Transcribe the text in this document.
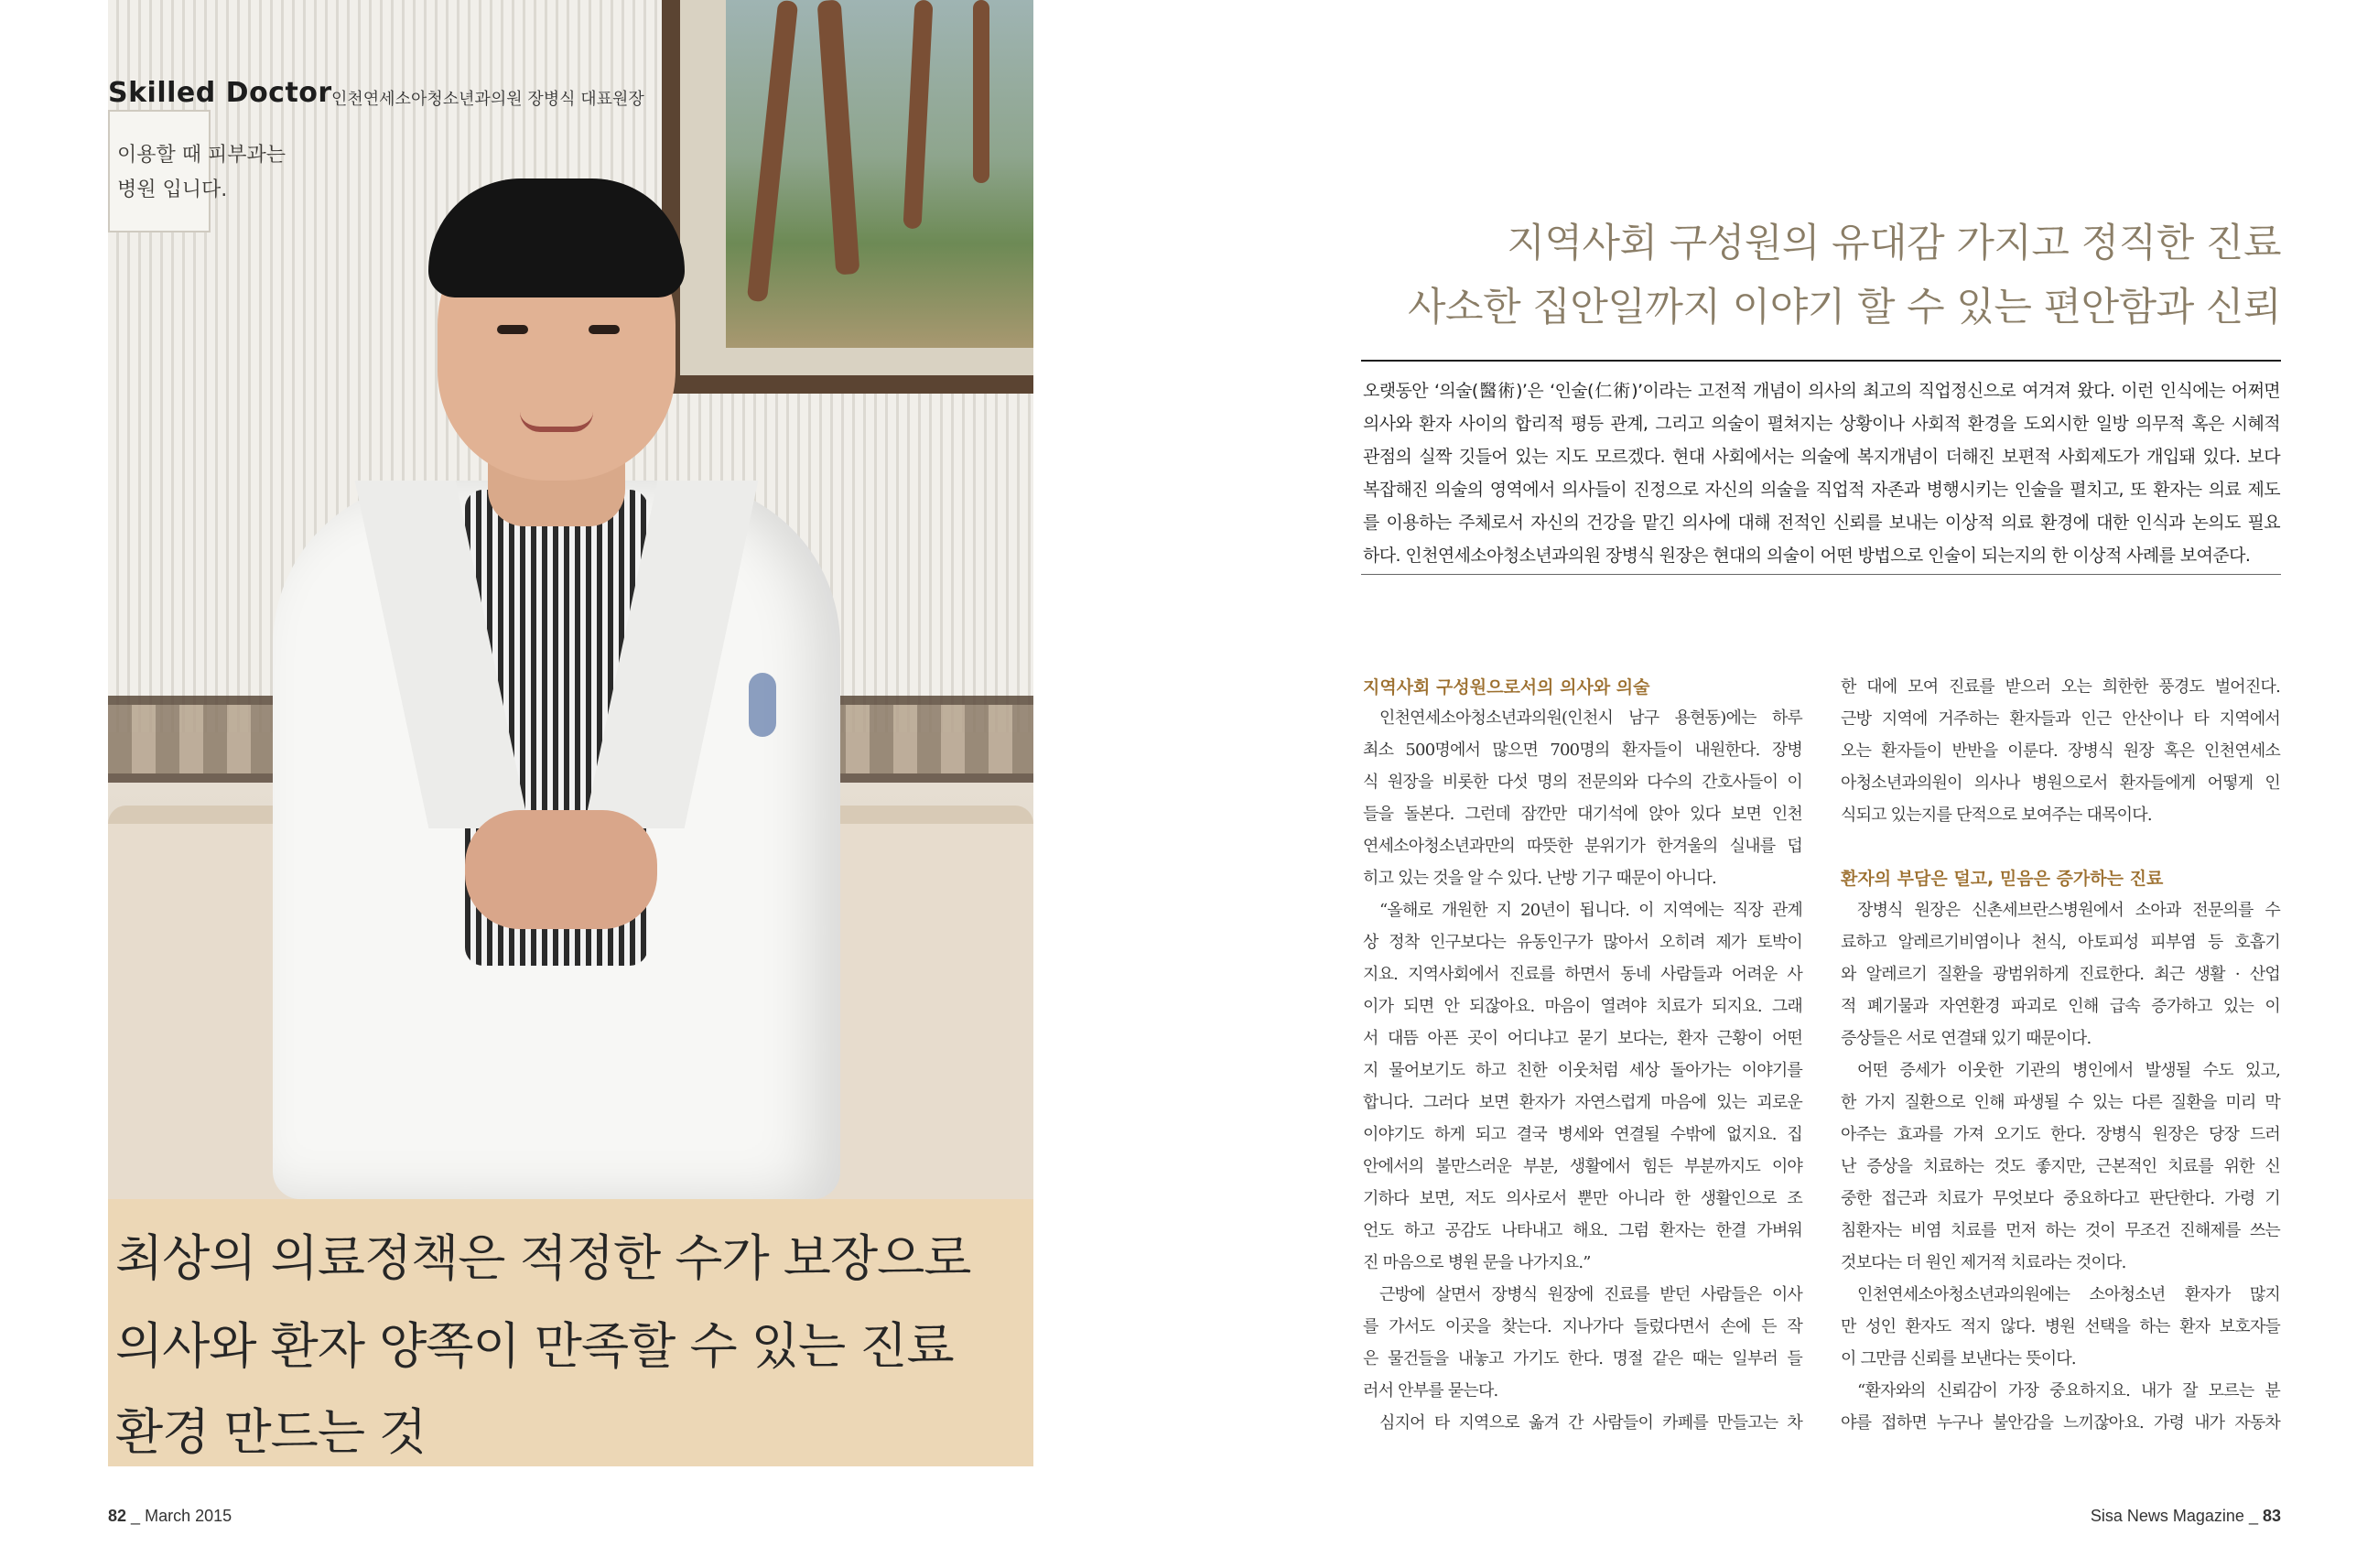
이용할 때 피부과는
병원 입니다.
Skilled Doctor 인천연세소아청소년과의원 장병식 대표원장
최상의 의료정책은 적정한 수가 보장으로
의사와 환자 양쪽이 만족할 수 있는 진료
환경 만드는 것
82 _ March 2015
지역사회 구성원의 유대감 가지고 정직한 진료
사소한 집안일까지 이야기 할 수 있는 편안함과 신뢰
오랫동안 ‘의술(醫術)’은 ‘인술(仁術)’이라는 고전적 개념이 의사의 최고의 직업정신으로 여겨져 왔다. 이런 인식에는 어쩌면
의사와 환자 사이의 합리적 평등 관계, 그리고 의술이 펼쳐지는 상황이나 사회적 환경을 도외시한 일방 의무적 혹은 시혜적
관점의 실짝 깃들어 있는 지도 모르겠다. 현대 사회에서는 의술에 복지개념이 더해진 보편적 사회제도가 개입돼 있다. 보다
복잡해진 의술의 영역에서 의사들이 진정으로 자신의 의술을 직업적 자존과 병행시키는 인술을 펼치고, 또 환자는 의료 제도
를 이용하는 주체로서 자신의 건강을 맡긴 의사에 대해 전적인 신뢰를 보내는 이상적 의료 환경에 대한 인식과 논의도 필요
하다. 인천연세소아청소년과의원 장병식 원장은 현대의 의술이 어떤 방법으로 인술이 되는지의 한 이상적 사례를 보여준다.
지역사회 구성원으로서의 의사와 의술
인천연세소아청소년과의원(인천시 남구 용현동)에는 하루
최소 500명에서 많으면 700명의 환자들이 내원한다. 장병
식 원장을 비롯한 다섯 명의 전문의와 다수의 간호사들이 이
들을 돌본다. 그런데 잠깐만 대기석에 앉아 있다 보면 인천
연세소아청소년과만의 따뜻한 분위기가 한겨울의 실내를 덥
히고 있는 것을 알 수 있다. 난방 기구 때문이 아니다.
“올해로 개원한 지 20년이 됩니다. 이 지역에는 직장 관계
상 정착 인구보다는 유동인구가 많아서 오히려 제가 토박이
지요. 지역사회에서 진료를 하면서 동네 사람들과 어려운 사
이가 되면 안 되잖아요. 마음이 열려야 치료가 되지요. 그래
서 대뜸 아픈 곳이 어디냐고 묻기 보다는, 환자 근황이 어떤
지 물어보기도 하고 친한 이웃처럼 세상 돌아가는 이야기를
합니다. 그러다 보면 환자가 자연스럽게 마음에 있는 괴로운
이야기도 하게 되고 결국 병세와 연결될 수밖에 없지요. 집
안에서의 불만스러운 부분, 생활에서 힘든 부분까지도 이야
기하다 보면, 저도 의사로서 뿐만 아니라 한 생활인으로 조
언도 하고 공감도 나타내고 해요. 그럼 환자는 한결 가벼워
진 마음으로 병원 문을 나가지요.”
근방에 살면서 장병식 원장에 진료를 받던 사람들은 이사
를 가서도 이곳을 찾는다. 지나가다 들렀다면서 손에 든 작
은 물건들을 내놓고 가기도 한다. 명절 같은 때는 일부러 들
러서 안부를 묻는다.
심지어 타 지역으로 옮겨 간 사람들이 카페를 만들고는 차
한 대에 모여 진료를 받으러 오는 희한한 풍경도 벌어진다.
근방 지역에 거주하는 환자들과 인근 안산이나 타 지역에서
오는 환자들이 반반을 이룬다. 장병식 원장 혹은 인천연세소
아청소년과의원이 의사나 병원으로서 환자들에게 어떻게 인
식되고 있는지를 단적으로 보여주는 대목이다.
환자의 부담은 덜고, 믿음은 증가하는 진료
장병식 원장은 신촌세브란스병원에서 소아과 전문의를 수
료하고 알레르기비염이나 천식, 아토피성 피부염 등 호흡기
와 알레르기 질환을 광범위하게 진료한다. 최근 생활 · 산업
적 폐기물과 자연환경 파괴로 인해 급속 증가하고 있는 이
증상들은 서로 연결돼 있기 때문이다.
어떤 증세가 이웃한 기관의 병인에서 발생될 수도 있고,
한 가지 질환으로 인해 파생될 수 있는 다른 질환을 미리 막
아주는 효과를 가져 오기도 한다. 장병식 원장은 당장 드러
난 증상을 치료하는 것도 좋지만, 근본적인 치료를 위한 신
중한 접근과 치료가 무엇보다 중요하다고 판단한다. 가령 기
침환자는 비염 치료를 먼저 하는 것이 무조건 진해제를 쓰는
것보다는 더 원인 제거적 치료라는 것이다.
인천연세소아청소년과의원에는 소아청소년 환자가 많지
만 성인 환자도 적지 않다. 병원 선택을 하는 환자 보호자들
이 그만큼 신뢰를 보낸다는 뜻이다.
“환자와의 신뢰감이 가장 중요하지요. 내가 잘 모르는 분
야를 접하면 누구나 불안감을 느끼잖아요. 가령 내가 자동차
Sisa News Magazine _ 83
